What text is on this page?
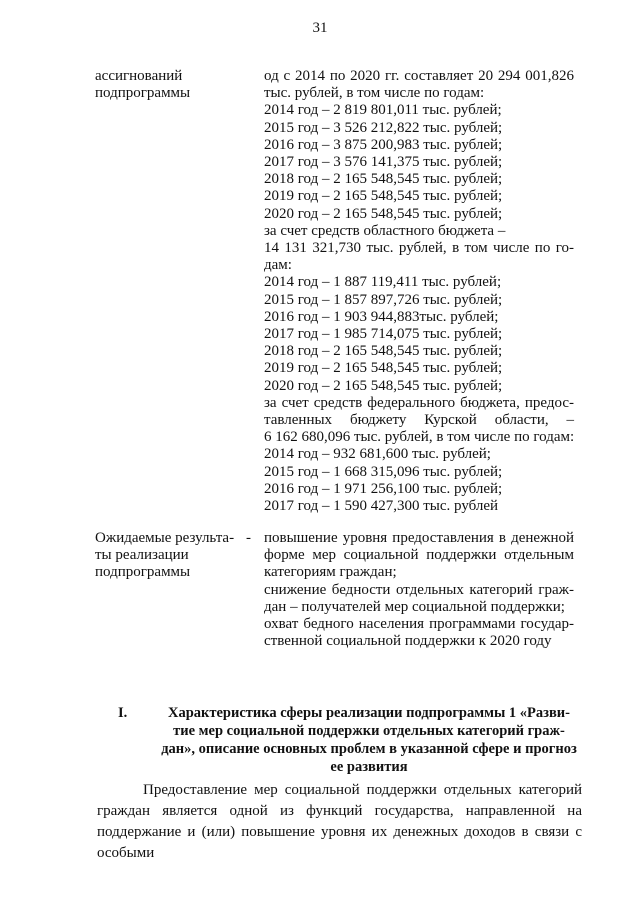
31
ассигнований
подпрограммы
од с 2014 по 2020 гг. составляет 20 294 001,826
тыс. рублей, в том числе по годам:
2014 год – 2 819 801,011 тыс. рублей;
2015 год – 3 526 212,822 тыс. рублей;
2016 год – 3 875 200,983 тыс. рублей;
2017 год – 3 576 141,375 тыс. рублей;
2018 год – 2 165 548,545 тыс. рублей;
2019 год – 2 165 548,545 тыс. рублей;
2020 год – 2 165 548,545 тыс. рублей;
за счет средств областного бюджета –
14 131 321,730 тыс. рублей, в том числе по го-
дам:
2014 год – 1 887 119,411 тыс. рублей;
2015 год – 1 857 897,726 тыс. рублей;
2016 год – 1 903 944,883тыс. рублей;
2017 год – 1 985 714,075 тыс. рублей;
2018 год – 2 165 548,545 тыс. рублей;
2019 год – 2 165 548,545 тыс. рублей;
2020 год – 2 165 548,545 тыс. рублей;
за счет средств федерального бюджета, предос-
тавленных бюджету Курской области, –
6 162 680,096 тыс. рублей, в том числе по годам:
2014 год – 932 681,600 тыс. рублей;
2015 год – 1 668 315,096 тыс. рублей;
2016 год – 1 971 256,100 тыс. рублей;
2017 год – 1 590 427,300 тыс. рублей
Ожидаемые результа-
ты реализации
подпрограммы
- повышение уровня предоставления в денежной
форме мер социальной поддержки отдельным
категориям граждан;
снижение бедности отдельных категорий граж-
дан – получателей мер социальной поддержки;
охват бедного населения программами государ-
ственной социальной поддержки к 2020 году
I.	Характеристика сферы реализации подпрограммы 1 «Разви-
тие мер социальной поддержки отдельных категорий граж-
дан», описание основных проблем в указанной сфере и прогноз
ее развития
Предоставление мер социальной поддержки отдельных категорий граждан является одной из функций государства, направленной на поддержание и (или) повышение уровня их денежных доходов в связи с особыми
